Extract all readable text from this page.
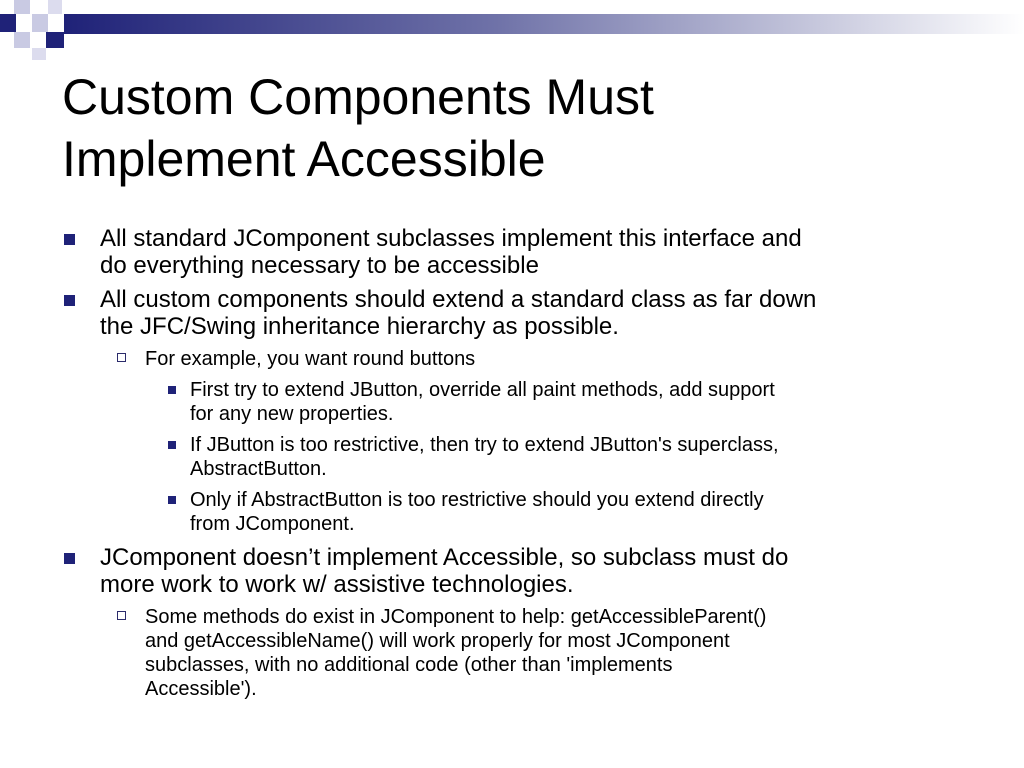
Custom Components Must
Implement Accessible
All standard JComponent subclasses implement this interface and
do everything necessary to be accessible
All custom components should extend a standard class as far down
the JFC/Swing inheritance hierarchy as possible.
For example, you want round buttons
First try to extend JButton, override all paint methods, add support
for any new properties.
If JButton is too restrictive, then try to extend JButton's superclass,
AbstractButton.
Only if AbstractButton is too restrictive should you extend directly
from JComponent.
JComponent doesn’t implement Accessible, so subclass must do
more work to work w/ assistive technologies.
Some methods do exist in JComponent to help: getAccessibleParent()
and getAccessibleName() will work properly for most JComponent
subclasses, with no additional code (other than 'implements
Accessible').
